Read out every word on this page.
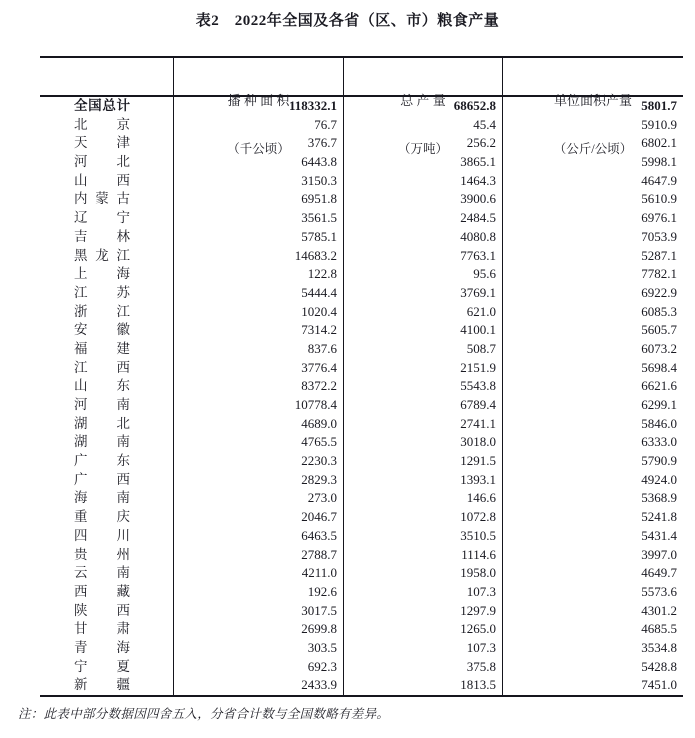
表2　2022年全国及各省（区、市）粮食产量

播 种 面 积

（千公顷）

总 产 量

（万吨）

单位面积产量

（公斤/公顷）

全国总计	118332.1	68652.8	5801.7
北京	76.7	45.4	5910.9
天津	376.7	256.2	6802.1
河北	6443.8	3865.1	5998.1
山西	3150.3	1464.3	4647.9
内蒙古	6951.8	3900.6	5610.9
辽宁	3561.5	2484.5	6976.1
吉林	5785.1	4080.8	7053.9
黑龙江	14683.2	7763.1	5287.1
上海	122.8	95.6	7782.1
江苏	5444.4	3769.1	6922.9
浙江	1020.4	621.0	6085.3
安徽	7314.2	4100.1	5605.7
福建	837.6	508.7	6073.2
江西	3776.4	2151.9	5698.4
山东	8372.2	5543.8	6621.6
河南	10778.4	6789.4	6299.1
湖北	4689.0	2741.1	5846.0
湖南	4765.5	3018.0	6333.0
广东	2230.3	1291.5	5790.9
广西	2829.3	1393.1	4924.0
海南	273.0	146.6	5368.9
重庆	2046.7	1072.8	5241.8
四川	6463.5	3510.5	5431.4
贵州	2788.7	1114.6	3997.0
云南	4211.0	1958.0	4649.7
西藏	192.6	107.3	5573.6
陕西	3017.5	1297.9	4301.2
甘肃	2699.8	1265.0	4685.5
青海	303.5	107.3	3534.8
宁夏	692.3	375.8	5428.8
新疆	2433.9	1813.5	7451.0
注：此表中部分数据因四舍五入，分省合计数与全国数略有差异。
